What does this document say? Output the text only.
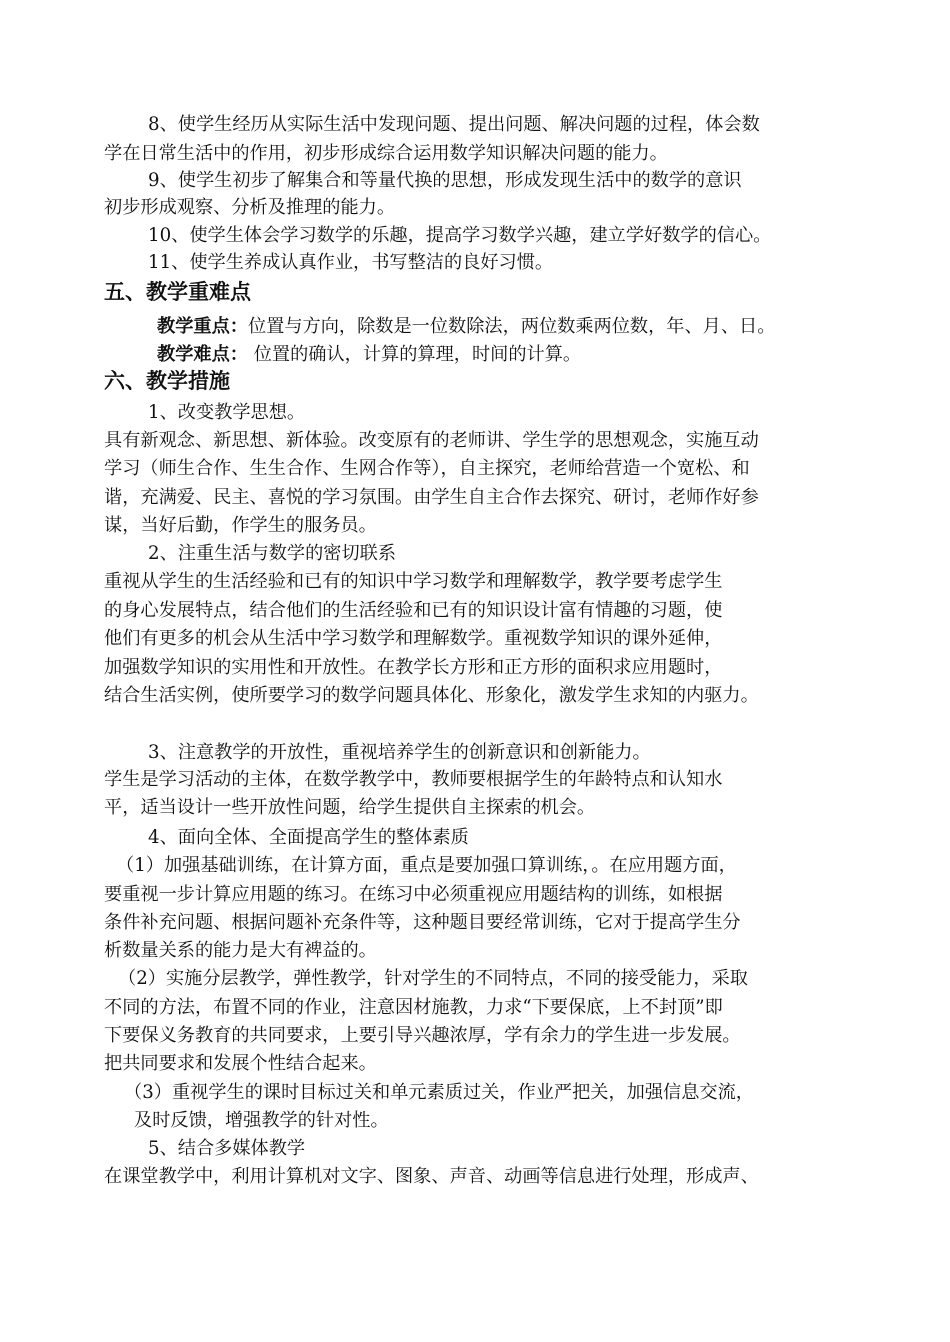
8、使学生经历从实际生活中发现问题、提出问题、解决问题的过程，体会数
学在日常生活中的作用，初步形成综合运用数学知识解决问题的能力。
9、使学生初步了解集合和等量代换的思想，形成发现生活中的数学的意识
初步形成观察、分析及推理的能力。
10、使学生体会学习数学的乐趣，提高学习数学兴趣，建立学好数学的信心。
11、使学生养成认真作业，书写整洁的良好习惯。
五、教学重难点
教学重点：位置与方向，除数是一位数除法，两位数乘两位数，年、月、日。
教学难点： 位置的确认，计算的算理，时间的计算。
六、教学措施
1、改变教学思想。
具有新观念、新思想、新体验。改变原有的老师讲、学生学的思想观念，实施互动
学习（师生合作、生生合作、生网合作等），自主探究，老师给营造一个宽松、和
谐，充满爱、民主、喜悦的学习氛围。由学生自主合作去探究、研讨，老师作好参
谋，当好后勤，作学生的服务员。
2、注重生活与数学的密切联系
重视从学生的生活经验和已有的知识中学习数学和理解数学，教学要考虑学生
的身心发展特点，结合他们的生活经验和已有的知识设计富有情趣的习题，使
他们有更多的机会从生活中学习数学和理解数学。重视数学知识的课外延伸，
加强数学知识的实用性和开放性。在教学长方形和正方形的面积求应用题时，
结合生活实例，使所要学习的数学问题具体化、形象化，激发学生求知的内驱力。
3、注意教学的开放性，重视培养学生的创新意识和创新能力。
学生是学习活动的主体，在数学教学中，教师要根据学生的年龄特点和认知水
平，适当设计一些开放性问题，给学生提供自主探索的机会。
4、面向全体、全面提高学生的整体素质
（1）加强基础训练，在计算方面，重点是要加强口算训练，。在应用题方面，
要重视一步计算应用题的练习。在练习中必须重视应用题结构的训练，如根据
条件补充问题、根据问题补充条件等，这种题目要经常训练，它对于提高学生分
析数量关系的能力是大有裨益的。
（2）实施分层教学，弹性教学，针对学生的不同特点，不同的接受能力，采取
不同的方法，布置不同的作业，注意因材施教，力求“下要保底，上不封顶”即
下要保义务教育的共同要求，上要引导兴趣浓厚，学有余力的学生进一步发展。
把共同要求和发展个性结合起来。
（3）重视学生的课时目标过关和单元素质过关，作业严把关，加强信息交流，
及时反馈，增强教学的针对性。
5、结合多媒体教学
在课堂教学中，利用计算机对文字、图象、声音、动画等信息进行处理，形成声、
